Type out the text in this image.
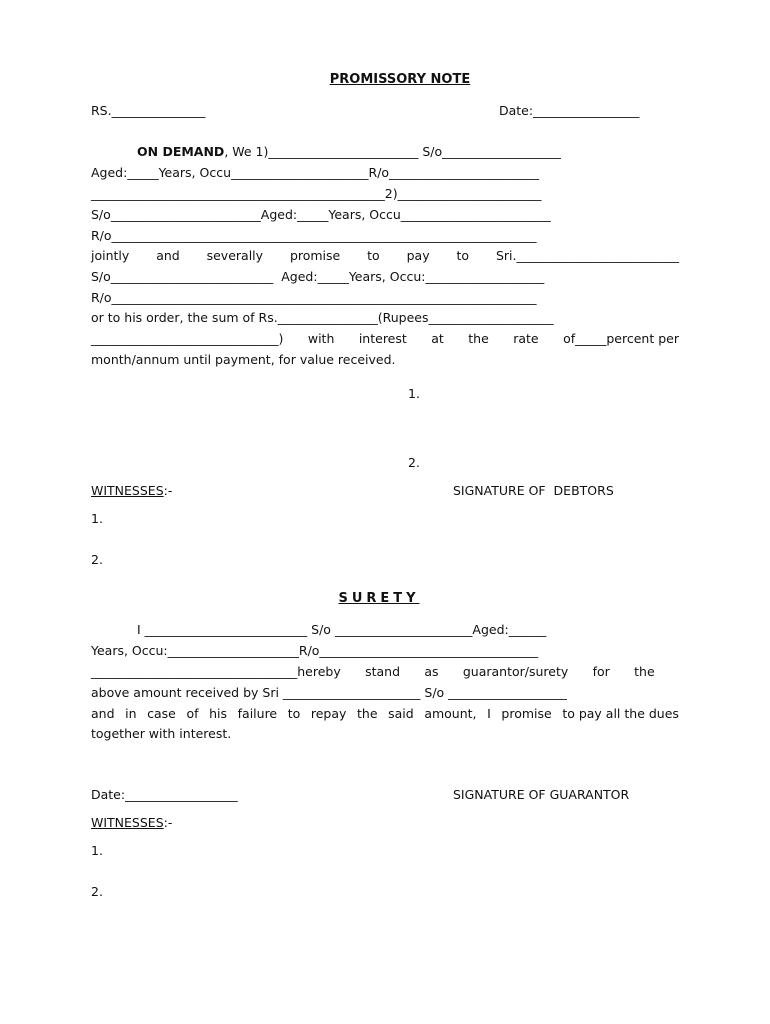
PROMISSORY NOTE
RS._______________	Date:_________________
ON DEMAND, We 1)________________________ S/o___________________
Aged:_____Years, Occu______________________R/o________________________
_______________________________________________2)_______________________
S/o________________________Aged:_____Years, Occu________________________
R/o____________________________________________________________________
jointly and severally promise to pay to Sri.__________________________
S/o__________________________  Aged:_____Years, Occu:___________________
R/o____________________________________________________________________
or to his order, the sum of Rs.________________(Rupees____________________
______________________________) with interest at the rate of_____percent per
month/annum until payment, for value received.
1.
2.
WITNESSES:-	SIGNATURE OF  DEBTORS
1.
2.
SURETY
I __________________________ S/o ______________________Aged:______
Years, Occu:_____________________R/o___________________________________
_________________________________hereby stand as guarantor/surety for the
above amount received by Sri ______________________ S/o ___________________
and in case of his failure to repay the said amount, I promise to pay all the dues
together with interest.
Date:__________________	SIGNATURE OF GUARANTOR
WITNESSES:-
1.
2.
